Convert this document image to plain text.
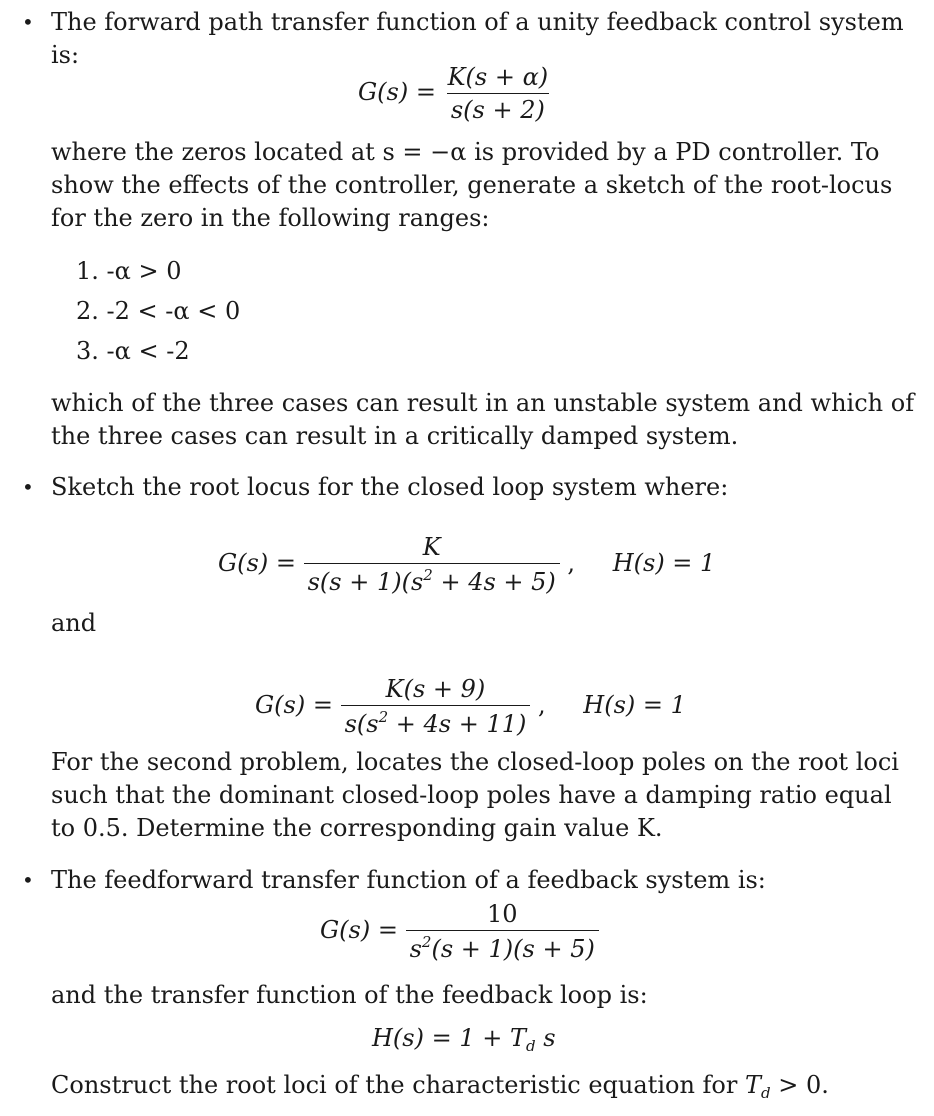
• The forward path transfer function of a unity feedback control system
is:
$G(s) = \frac{K(s + \alpha)}{s(s + 2)}$
where the zeros located at s = −α is provided by a PD controller. To
show the effects of the controller, generate a sketch of the root-locus
for the zero in the following ranges:
1. -α > 0
2. -2 < -α < 0
3. -α < -2
which of the three cases can result in an unstable system and which of
the three cases can result in a critically damped system.
• Sketch the root locus for the closed loop system where:
$G(s) = \frac{K}{s(s + 1)(s^2 + 4s + 5)}$ , H(s) = 1
and
$G(s) = \frac{K(s + 9)}{s(s^2 + 4s + 11)}$ , H(s) = 1
For the second problem, locates the closed-loop poles on the root loci
such that the dominant closed-loop poles have a damping ratio equal
to 0.5. Determine the corresponding gain value K.
• The feedforward transfer function of a feedback system is:
$G(s) = \frac{10}{s^2(s + 1)(s + 5)}$
and the transfer function of the feedback loop is:
$H(s) = 1 + T_d$ s
Construct the root loci of the characteristic equation for $T_d > 0$.
